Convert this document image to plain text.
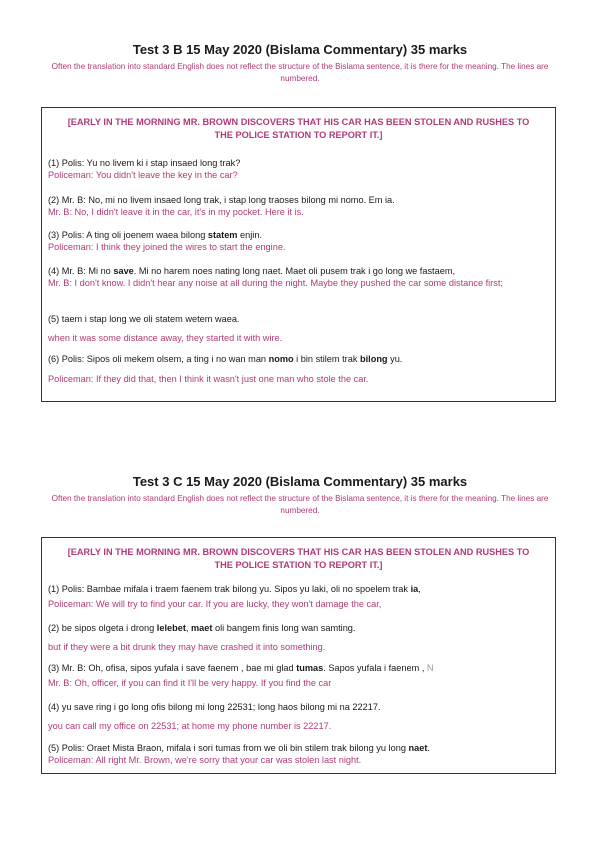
Test 3 B 15 May 2020 (Bislama Commentary) 35 marks
Often the translation into standard English does not reflect the structure of the Bislama sentence, it is there for the meaning. The lines are numbered.
[EARLY IN THE MORNING MR. BROWN DISCOVERS THAT HIS CAR HAS BEEN STOLEN AND RUSHES TO THE POLICE STATION TO REPORT IT.]

(1) Polis: Yu no livem ki i stap insaed long trak?

Policeman: You didn't leave the key in the car?

(2) Mr. B: No, mi no livem insaed long trak, i stap long traoses bilong mi nomo. Em ia.

Mr. B: No, I didn't leave it in the car, it's in my pocket. Here it is.

(3) Polis: A ting oli joenem waea bilong statem enjin.

Policeman: I think they joined the wires to start the engine.

(4) Mr. B: Mi no save. Mi no harem noes nating long naet. Maet oli pusem trak i go long we fastaem,

Mr. B: I don't know. I didn't hear any noise at all during the night. Maybe they pushed the car some distance first;

(5) taem i stap long we oli statem wetem waea.

when it was some distance away, they started it with wire.

(6) Polis: Sipos oli mekem olsem, a ting i no wan man nomo i bin stilem trak bilong yu.

Policeman: If they did that, then I think it wasn't just one man who stole the car.

Test 3 C 15 May 2020 (Bislama Commentary) 35 marks
Often the translation into standard English does not reflect the structure of the Bislama sentence, it is there for the meaning. The lines are numbered.
[EARLY IN THE MORNING MR. BROWN DISCOVERS THAT HIS CAR HAS BEEN STOLEN AND RUSHES TO THE POLICE STATION TO REPORT IT.]

(1) Polis: Bambae mifala i traem faenem trak bilong yu. Sipos yu laki, oli no spoelem trak ia,

Policeman: We will try to find your car. If you are lucky, they won't damage the car,

(2) be sipos olgeta i drong lelebet, maet oli bangem finis long wan samting.

but if they were a bit drunk they may have crashed it into something.

(3) Mr. B: Oh, ofisa, sipos yufala i save faenem , bae mi glad tumas. Sapos yufala i faenem , N

Mr. B: Oh, officer, if you can find it I'll be very happy. If you find the car

(4) yu save ring i go long ofis bilong mi long 22531; long haos bilong mi na 22217.

you can call my office on 22531; at home my phone number is 22217.

(5) Polis: Oraet Mista Braon, mifala i sori tumas from we oli bin stilem trak bilong yu long naet.

Policeman: All right Mr. Brown, we're sorry that your car was stolen last night.
